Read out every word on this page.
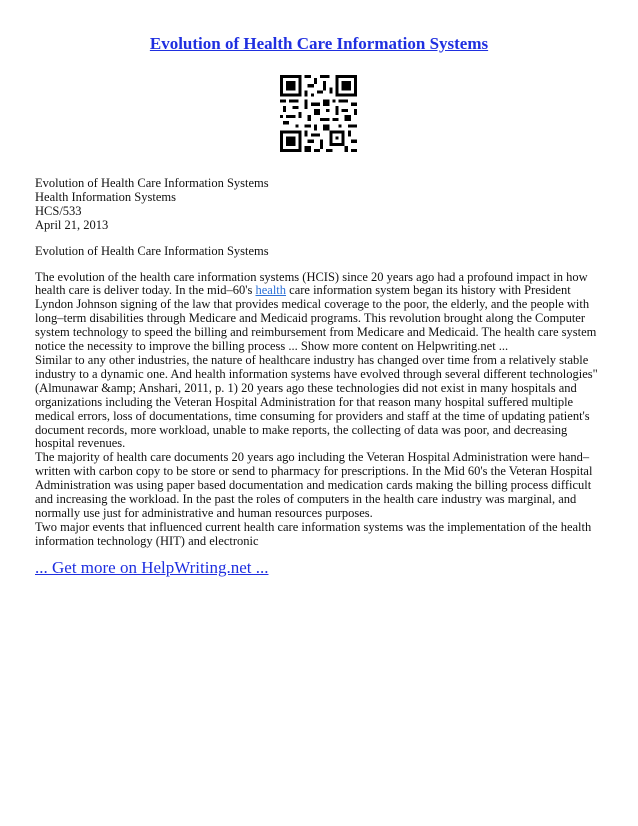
Evolution of Health Care Information Systems

Evolution of Health Care Information Systems

Health Information Systems

HCS/533

April 21, 2013

Evolution of Health Care Information Systems

The evolution of the health care information systems (HCIS) since 20 years ago had a profound impact in how health care is deliver today. In the mid–60's health care information system began its history with President Lyndon Johnson signing of the law that provides medical coverage to the poor, the elderly, and the people with long–term disabilities through Medicare and Medicaid programs. This revolution brought along the Computer system technology to speed the billing and reimbursement from Medicare and Medicaid. The health care system notice the necessity to improve the billing process ... Show more content on Helpwriting.net ...

Similar to any other industries, the nature of healthcare industry has changed over time from a relatively stable industry to a dynamic one. And health information systems have evolved through several different technologies" (Almunawar &amp; Anshari, 2011, p. 1) 20 years ago these technologies did not exist in many hospitals and organizations including the Veteran Hospital Administration for that reason many hospital suffered multiple medical errors, loss of documentations, time consuming for providers and staff at the time of updating patient's document records, more workload, unable to make reports, the collecting of data was poor, and decreasing hospital revenues.

The majority of health care documents 20 years ago including the Veteran Hospital Administration were hand–written with carbon copy to be store or send to pharmacy for prescriptions. In the Mid 60's the Veteran Hospital Administration was using paper based documentation and medication cards making the billing process difficult and increasing the workload. In the past the roles of computers in the health care industry was marginal, and normally use just for administrative and human resources purposes.

Two major events that influenced current health care information systems was the implementation of the health information technology (HIT) and electronic

... Get more on HelpWriting.net ...
